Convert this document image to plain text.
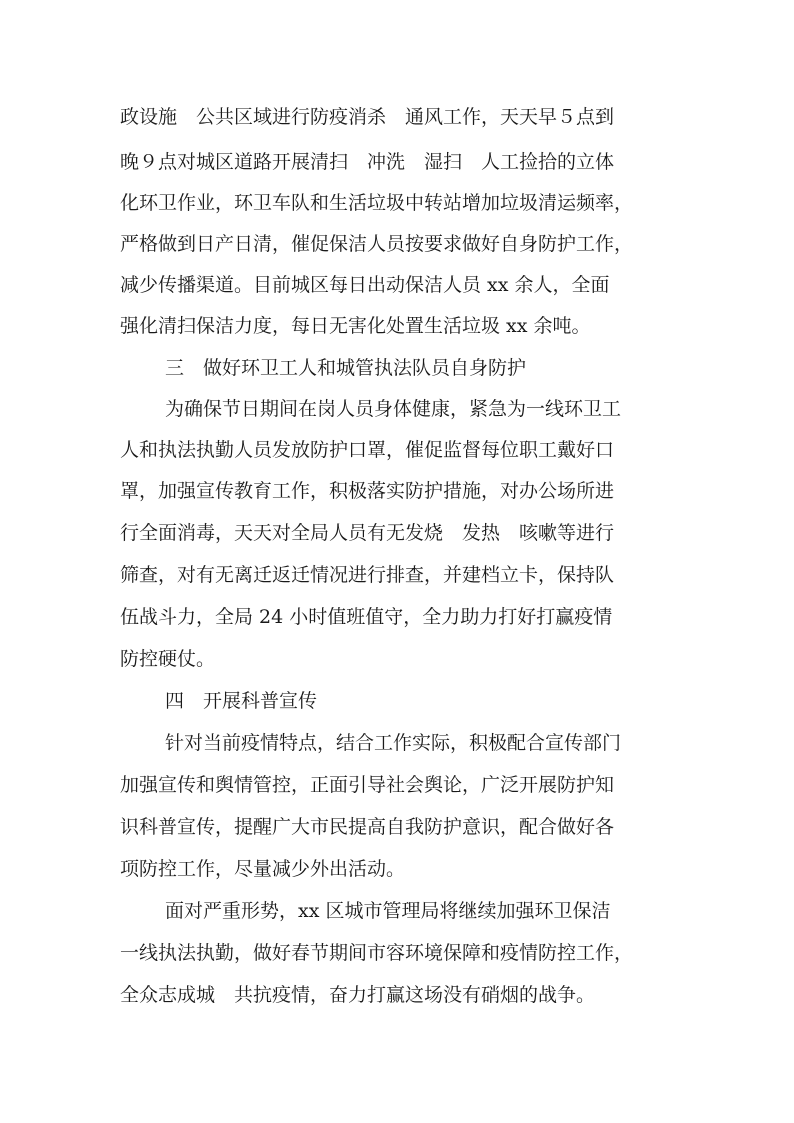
政设施　公共区域进行防疫消杀　通风工作，天天早５点到
晚９点对城区道路开展清扫　冲洗　湿扫　人工捡拾的立体
化环卫作业，环卫车队和生活垃圾中转站增加垃圾清运频率，
严格做到日产日清，催促保洁人员按要求做好自身防护工作，
减少传播渠道。目前城区每日出动保洁人员 xx 余人，全面
强化清扫保洁力度，每日无害化处置生活垃圾 xx 余吨。
三　做好环卫工人和城管执法队员自身防护
为确保节日期间在岗人员身体健康，紧急为一线环卫工
人和执法执勤人员发放防护口罩，催促监督每位职工戴好口
罩，加强宣传教育工作，积极落实防护措施，对办公场所进
行全面消毒，天天对全局人员有无发烧　发热　咳嗽等进行
筛查，对有无离迁返迁情况进行排查，并建档立卡，保持队
伍战斗力，全局 24 小时值班值守，全力助力打好打赢疫情
防控硬仗。
四　开展科普宣传
针对当前疫情特点，结合工作实际，积极配合宣传部门
加强宣传和舆情管控，正面引导社会舆论，广泛开展防护知
识科普宣传，提醒广大市民提高自我防护意识，配合做好各
项防控工作，尽量减少外出活动。
面对严重形势，xx 区城市管理局将继续加强环卫保洁
一线执法执勤，做好春节期间市容环境保障和疫情防控工作，
全众志成城　共抗疫情，奋力打赢这场没有硝烟的战争。
